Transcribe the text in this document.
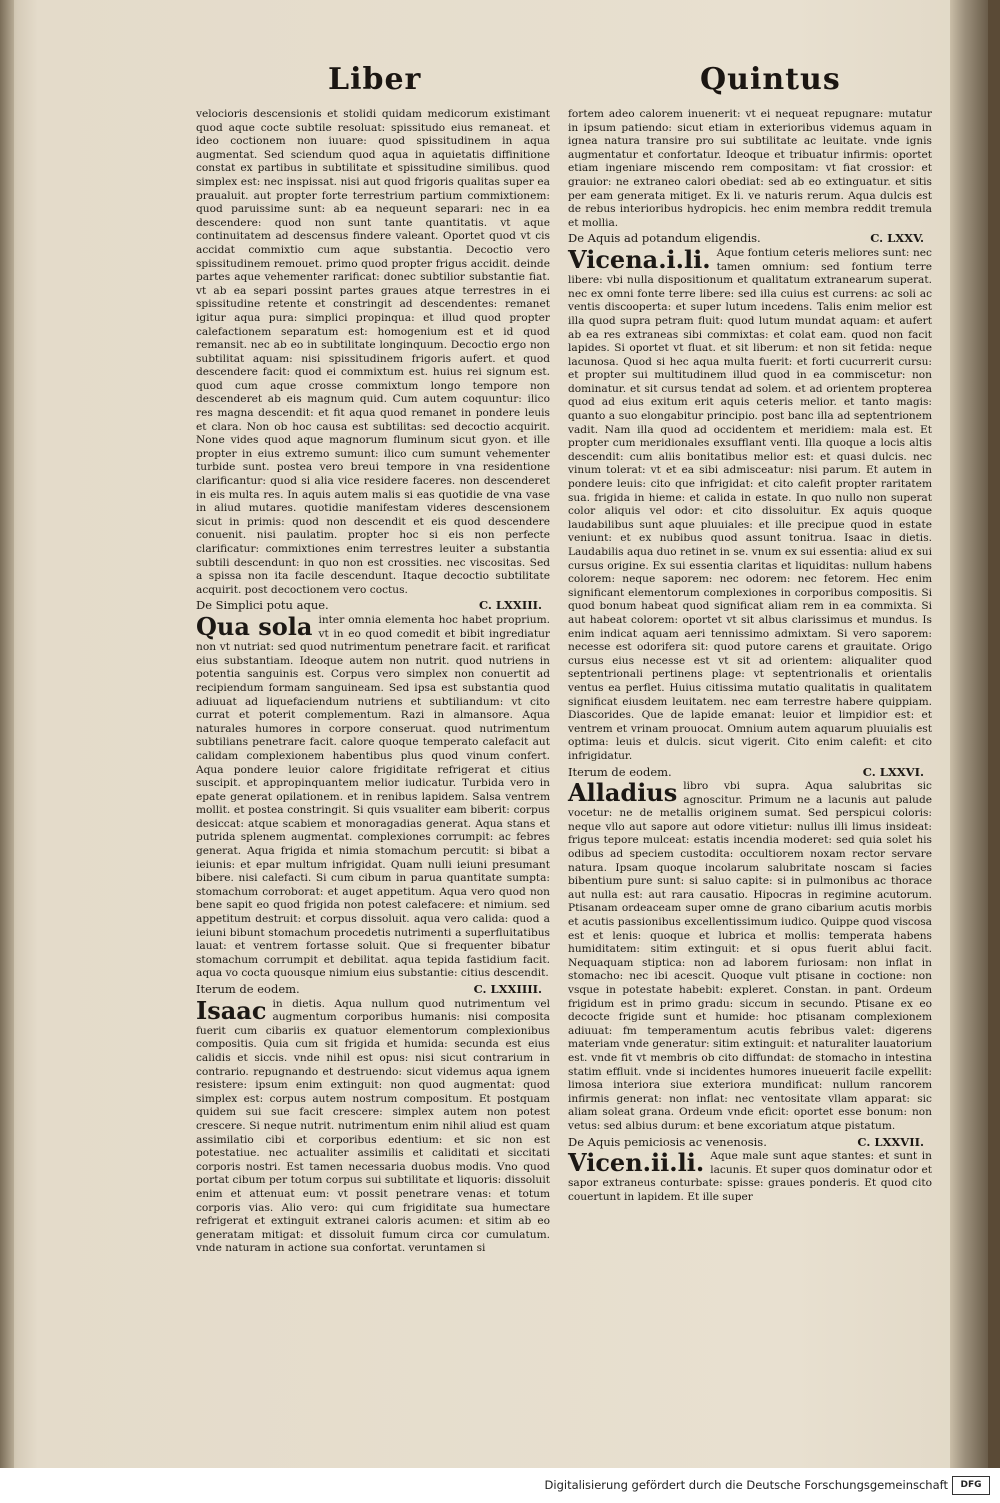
Liber	Quintus

velocioris descensionis et stolidi quidam medicorum existimant quod aque cocte subtile resoluat: spissitudo eius remaneat. et ideo coctionem non iuuare: quod spissitudinem in aqua augmentat. Sed sciendum quod aqua in aquietatis diffinitione constat ex partibus in subtilitate et spissitudine similibus. quod simplex est: nec inspissat. nisi aut quod frigoris qualitas super ea praualuit. aut propter forte terrestrium partium commixtionem: quod paruissime sunt: ab ea nequeunt separari: nec in ea descendere: quod non sunt tante quantitatis. vt aque continuitatem ad descensus findere valeant. Oportet quod vt cis accidat commixtio cum aque substantia. Decoctio vero spissitudinem remouet. primo quod propter frigus accidit. deinde partes aque vehementer rarificat: donec subtilior substantie fiat. vt ab ea separi possint partes graues atque terrestres in ei spissitudine retente et constringit ad descendentes: remanet igitur aqua pura: simplici propinqua: et illud quod propter calefactionem separatum est: homogenium est et id quod remansit. nec ab eo in subtilitate longinquum. Decoctio ergo non subtilitat aquam: nisi spissitudinem frigoris aufert. et quod descendere facit: quod ei commixtum est. huius rei signum est. quod cum aque crosse commixtum longo tempore non descenderet ab eis magnum quid. Cum autem coquuntur: ilico res magna descendit: et fit aqua quod remanet in pondere leuis et clara. Non ob hoc causa est subtilitas: sed decoctio acquirit. None vides quod aque magnorum fluminum sicut gyon. et ille propter in eius extremo sumunt: ilico cum sumunt vehementer turbide sunt. postea vero breui tempore in vna residentione clarificantur: quod si alia vice residere faceres. non descenderet in eis multa res. In aquis autem malis si eas quotidie de vna vase in aliud mutares. quotidie manifestam videres descensionem sicut in primis: quod non descendit et eis quod descendere conuenit. nisi paulatim. propter hoc si eis non perfecte clarificatur: commixtiones enim terrestres leuiter a substantia subtili descendunt: in quo non est crossities. nec viscositas. Sed a spissa non ita facile descendunt. Itaque decoctio subtilitate acquirit. post decoctionem vero coctus.

De Simplici potu aque.	C. LXXIII.

Qua sola inter omnia elementa hoc habet proprium. vt in eo quod comedit et bibit ingrediatur non vt nutriat: sed quod nutrimentum penetrare facit. et rarificat eius substantiam. Ideoque autem non nutrit. quod nutriens in potentia sanguinis est. Corpus vero simplex non conuertit ad recipiendum formam sanguineam. Sed ipsa est substantia quod adiuuat ad liquefaciendum nutriens et subtiliandum: vt cito currat et poterit complementum. Razi in almansore. Aqua naturales humores in corpore conseruat. quod nutrimentum subtilians penetrare facit. calore quoque temperato calefacit aut calidam complexionem habentibus plus quod vinum confert. Aqua pondere leuior calore frigiditate refrigerat et citius suscipit. et appropinquantem melior iudicatur. Turbida vero in epate generat opilationem. et in renibus lapidem. Salsa ventrem mollit. et postea constringit. Si quis vsualiter eam biberit: corpus desiccat: atque scabiem et monoragadias generat. Aqua stans et putrida splenem augmentat. complexiones corrumpit: ac febres generat. Aqua frigida et nimia stomachum percutit: si bibat a ieiunis: et epar multum infrigidat. Quam nulli ieiuni presumant bibere. nisi calefacti. Si cum cibum in parua quantitate sumpta: stomachum corroborat: et auget appetitum. Aqua vero quod non bene sapit eo quod frigida non potest calefacere: et nimium. sed appetitum destruit: et corpus dissoluit. aqua vero calida: quod a ieiuni bibunt stomachum procedetis nutrimenti a superfluitatibus lauat: et ventrem fortasse soluit. Que si frequenter bibatur stomachum corrumpit et debilitat. aqua tepida fastidium facit. aqua vo cocta quousque nimium eius substantie: citius descendit.

Iterum de eodem.	C. LXXIIII.

Isaac in dietis. Aqua nullum quod nutrimentum vel augmentum corporibus humanis: nisi composita fuerit cum cibariis ex quatuor elementorum complexionibus compositis. Quia cum sit frigida et humida: secunda est eius calidis et siccis. vnde nihil est opus: nisi sicut contrarium in contrario. repugnando et destruendo: sicut videmus aqua ignem resistere: ipsum enim extinguit: non quod augmentat: quod simplex est: corpus autem nostrum compositum. Et postquam quidem sui sue facit crescere: simplex autem non potest crescere. Si neque nutrit. nutrimentum enim nihil aliud est quam assimilatio cibi et corporibus edentium: et sic non est potestatiue. nec actualiter assimilis et caliditati et siccitati corporis nostri. Est tamen necessaria duobus modis. Vno quod portat cibum per totum corpus sui subtilitate et liquoris: dissoluit enim et attenuat eum: vt possit penetrare venas: et totum corporis vias. Alio vero: qui cum frigiditate sua humectare refrigerat et extinguit extranei caloris acumen: et sitim ab eo generatam mitigat: et dissoluit fumum circa cor cumulatum. vnde naturam in actione sua confortat. veruntamen si

fortem adeo calorem inuenerit: vt ei nequeat repugnare: mutatur in ipsum patiendo: sicut etiam in exterioribus videmus aquam in ignea natura transire pro sui subtilitate ac leuitate. vnde ignis augmentatur et confortatur. Ideoque et tribuatur infirmis: oportet etiam ingeniare miscendo rem compositam: vt fiat crossior: et grauior: ne extraneo calori obediat: sed ab eo extinguatur. et sitis per eam generata mitiget. Ex li. ve naturis rerum. Aqua dulcis est de rebus interioribus hydropicis. hec enim membra reddit tremula et mollia.

De Aquis ad potandum eligendis.	C. LXXV.

Vicena.i.li. Aque fontium ceteris meliores sunt: nec tamen omnium: sed fontium terre libere: vbi nulla dispositionum et qualitatum extranearum superat. nec ex omni fonte terre libere: sed illa cuius est currens: ac soli ac ventis discooperta: et super lutum incedens. Talis enim melior est illa quod supra petram fluit: quod lutum mundat aquam: et aufert ab ea res extraneas sibi commixtas: et colat eam. quod non facit lapides. Si oportet vt fluat. et sit liberum: et non sit fetida: neque lacunosa. Quod si hec aqua multa fuerit: et forti cucurrerit cursu: et propter sui multitudinem illud quod in ea commiscetur: non dominatur. et sit cursus tendat ad solem. et ad orientem propterea quod ad eius exitum erit aquis ceteris melior. et tanto magis: quanto a suo elongabitur principio. post banc illa ad septentrionem vadit. Nam illa quod ad occidentem et meridiem: mala est. Et propter cum meridionales exsufflant venti. Illa quoque a locis altis descendit: cum aliis bonitatibus melior est: et quasi dulcis. nec vinum tolerat: vt et ea sibi admisceatur: nisi parum. Et autem in pondere leuis: cito que infrigidat: et cito calefit propter raritatem sua. frigida in hieme: et calida in estate. In quo nullo non superat color aliquis vel odor: et cito dissoluitur. Ex aquis quoque laudabilibus sunt aque pluuiales: et ille precipue quod in estate veniunt: et ex nubibus quod assunt tonitrua. Isaac in dietis. Laudabilis aqua duo retinet in se. vnum ex sui essentia: aliud ex sui cursus origine. Ex sui essentia claritas et liquiditas: nullum habens colorem: neque saporem: nec odorem: nec fetorem. Hec enim significant elementorum complexiones in corporibus compositis. Si quod bonum habeat quod significat aliam rem in ea commixta. Si aut habeat colorem: oportet vt sit albus clarissimus et mundus. Is enim indicat aquam aeri tennissimo admixtam. Si vero saporem: necesse est odorifera sit: quod putore carens et grauitate. Origo cursus eius necesse est vt sit ad orientem: aliqualiter quod septentrionali pertinens plage: vt septentrionalis et orientalis ventus ea perflet. Huius citissima mutatio qualitatis in qualitatem significat eiusdem leuitatem. nec eam terrestre habere quippiam. Diascorides. Que de lapide emanat: leuior et limpidior est: et ventrem et vrinam prouocat. Omnium autem aquarum pluuialis est optima: leuis et dulcis. sicut vigerit. Cito enim calefit: et cito infrigidatur.

Iterum de eodem.	C. LXXVI.

Alladius libro vbi supra. Aqua salubritas sic agnoscitur. Primum ne a lacunis aut palude vocetur: ne de metallis originem sumat. Sed perspicui coloris: neque vllo aut sapore aut odore vitietur: nullus illi limus insideat: frigus tepore mulceat: estatis incendia moderet: sed quia solet his odibus ad speciem custodita: occultiorem noxam rector servare natura. Ipsam quoque incolarum salubritate noscam si facies bibentium pure sunt: si saluo capite: si in pulmonibus ac thorace aut nulla est: aut rara causatio. Hipocras in regimine acutorum. Ptisanam ordeaceam super omne de grano cibarium acutis morbis et acutis passionibus excellentissimum iudico. Quippe quod viscosa est et lenis: quoque et lubrica et mollis: temperata habens humiditatem: sitim extinguit: et si opus fuerit ablui facit. Nequaquam stiptica: non ad laborem furiosam: non inflat in stomacho: nec ibi acescit. Quoque vult ptisane in coctione: non vsque in potestate habebit: expleret. Constan. in pant. Ordeum frigidum est in primo gradu: siccum in secundo. Ptisane ex eo decocte frigide sunt et humide: hoc ptisanam complexionem adiuuat: fm temperamentum acutis febribus valet: digerens materiam vnde generatur: sitim extinguit: et naturaliter lauatorium est. vnde fit vt membris ob cito diffundat: de stomacho in intestina statim effluit. vnde si incidentes humores inueuerit facile expellit: limosa interiora siue exteriora mundificat: nullum rancorem infirmis generat: non inflat: nec ventositate vllam apparat: sic aliam soleat grana. Ordeum vnde eficit: oportet esse bonum: non vetus: sed albius durum: et bene excoriatum atque pistatum.

De Aquis pemiciosis ac venenosis.	C. LXXVII.

Vicen.ii.li. Aque male sunt aque stantes: et sunt in lacunis. Et super quos dominatur odor et sapor extraneus conturbate: spisse: graues ponderis. Et quod cito couertunt in lapidem. Et ille super

Digitalisierung gefördert durch die Deutsche Forschungsgemeinschaft	DFG
